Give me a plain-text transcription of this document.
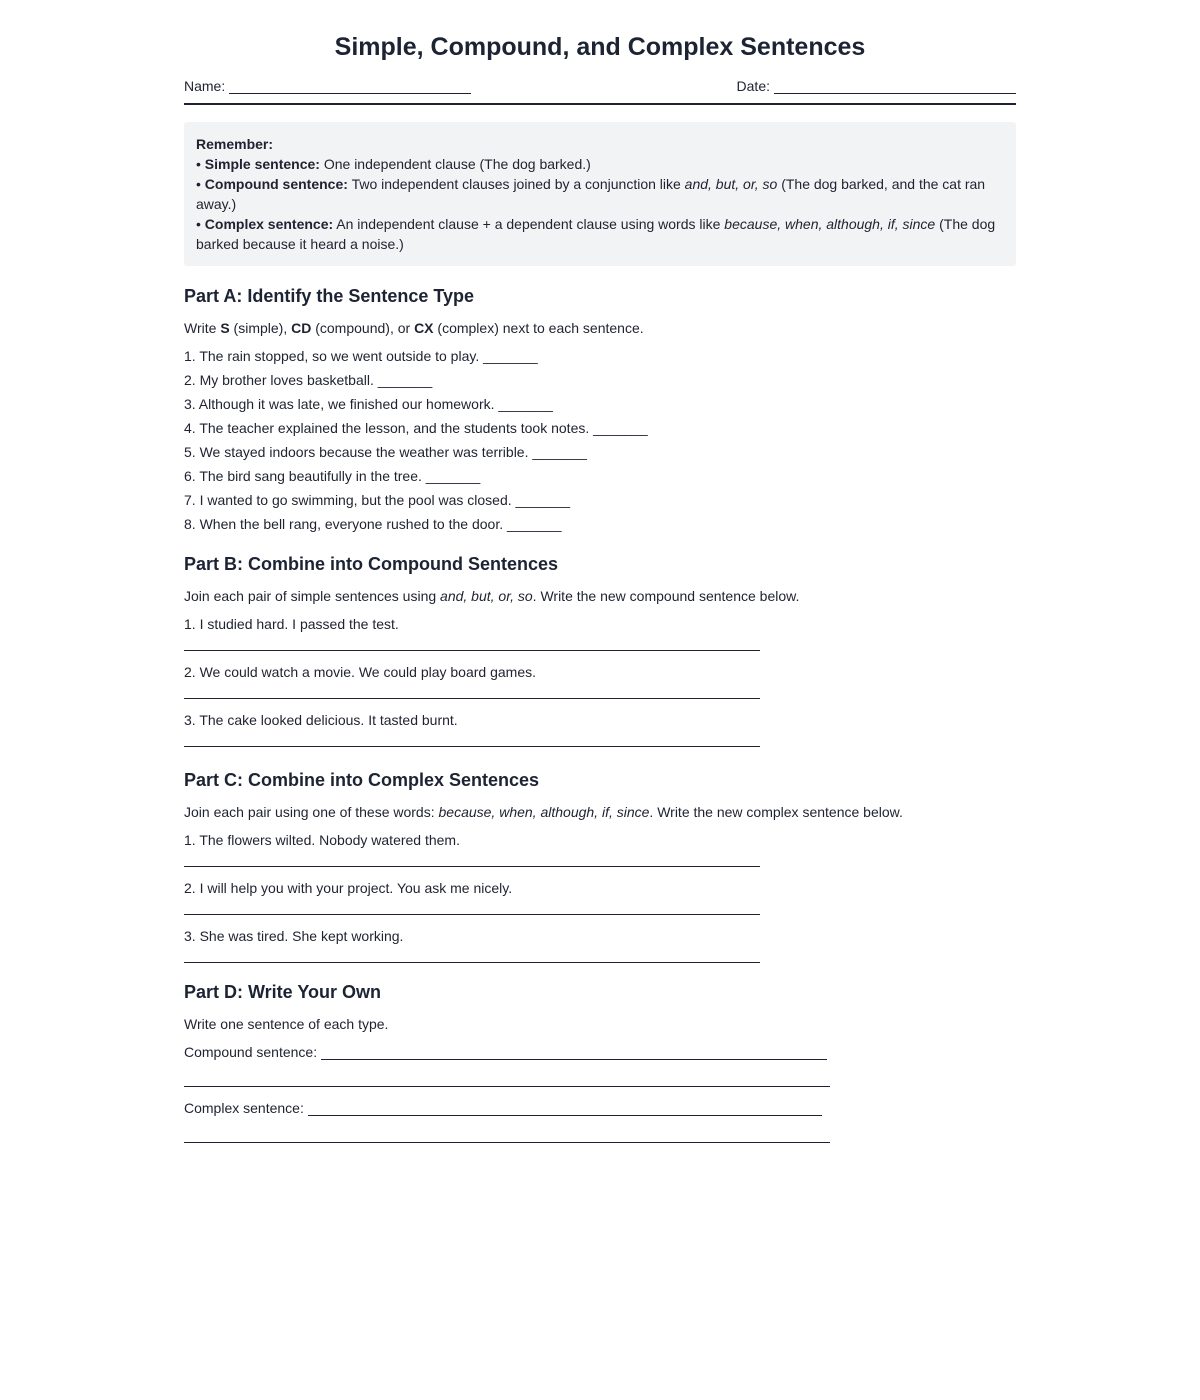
Simple, Compound, and Complex Sentences
Name:	Date:

Remember:

• Simple sentence: One independent clause (The dog barked.)

• Compound sentence: Two independent clauses joined by a conjunction like and, but, or, so (The dog barked, and the cat ran away.)

• Complex sentence: An independent clause + a dependent clause using words like because, when, although, if, since (The dog barked because it heard a noise.)

Part A: Identify the Sentence Type

Write S (simple), CD (compound), or CX (complex) next to each sentence.

1. The rain stopped, so we went outside to play. _______

2. My brother loves basketball. _______

3. Although it was late, we finished our homework. _______

4. The teacher explained the lesson, and the students took notes. _______

5. We stayed indoors because the weather was terrible. _______

6. The bird sang beautifully in the tree. _______

7. I wanted to go swimming, but the pool was closed. _______

8. When the bell rang, everyone rushed to the door. _______

Part B: Combine into Compound Sentences

Join each pair of simple sentences using and, but, or, so. Write the new compound sentence below.

1. I studied hard. I passed the test.

2. We could watch a movie. We could play board games.

3. The cake looked delicious. It tasted burnt.

Part C: Combine into Complex Sentences

Join each pair using one of these words: because, when, although, if, since. Write the new complex sentence below.

1. The flowers wilted. Nobody watered them.

2. I will help you with your project. You ask me nicely.

3. She was tired. She kept working.

Part D: Write Your Own

Write one sentence of each type.

Compound sentence:

Complex sentence:
